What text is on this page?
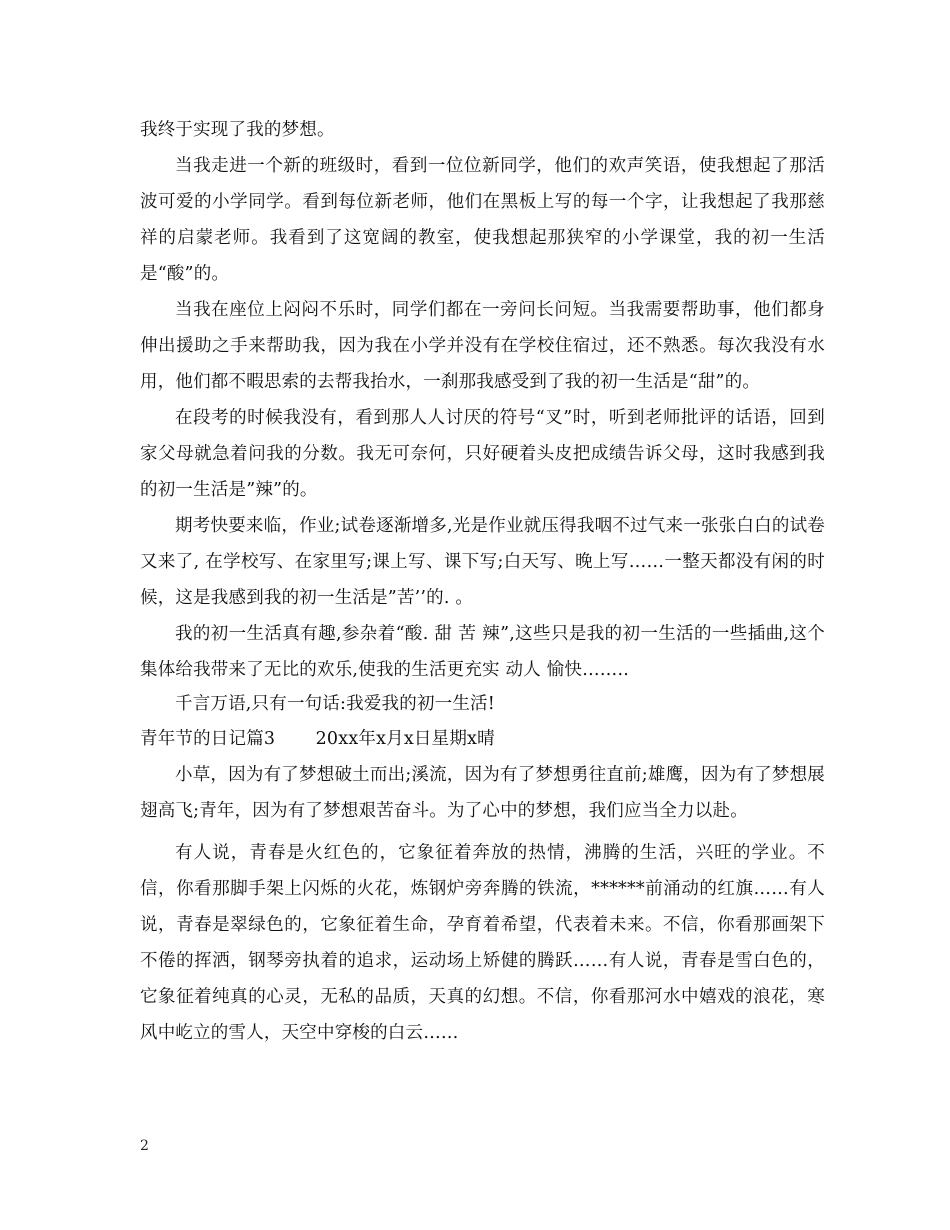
我终于实现了我的梦想。

当我走进一个新的班级时，看到一位位新同学，他们的欢声笑语，使我想起了那活波可爱的小学同学。看到每位新老师，他们在黑板上写的每一个字，让我想起了我那慈祥的启蒙老师。我看到了这宽阔的教室，使我想起那狭窄的小学课堂，我的初一生活是“酸”的。

当我在座位上闷闷不乐时，同学们都在一旁问长问短。当我需要帮助事，他们都身伸出援助之手来帮助我，因为我在小学并没有在学校住宿过，还不熟悉。每次我没有水用，他们都不暇思索的去帮我抬水，一刹那我感受到了我的初一生活是“甜”的。

在段考的时候我没有，看到那人人讨厌的符号“叉”时，听到老师批评的话语，回到家父母就急着问我的分数。我无可奈何，只好硬着头皮把成绩告诉父母，这时我感到我的初一生活是”辣”的。

期考快要来临，作业;试卷逐渐增多,光是作业就压得我咽不过气来一张张白白的试卷又来了, 在学校写、在家里写;课上写、课下写;白天写、晚上写……一整天都没有闲的时候，这是我感到我的初一生活是”苦’’的. 。

我的初一生活真有趣,参杂着“酸. 甜 苦 辣”,这些只是我的初一生活的一些插曲,这个集体给我带来了无比的欢乐,使我的生活更充实 动人 愉快……..

千言万语,只有一句话:我爱我的初一生活!

青年节的日记篇3 20xx年x月x日星期x晴

小草，因为有了梦想破土而出;溪流，因为有了梦想勇往直前;雄鹰，因为有了梦想展翅高飞;青年，因为有了梦想艰苦奋斗。为了心中的梦想，我们应当全力以赴。

有人说，青春是火红色的，它象征着奔放的热情，沸腾的生活，兴旺的学业。不信，你看那脚手架上闪烁的火花，炼钢炉旁奔腾的铁流，******前涌动的红旗……有人说，青春是翠绿色的，它象征着生命，孕育着希望，代表着未来。不信，你看那画架下不倦的挥洒，钢琴旁执着的追求，运动场上矫健的腾跃……有人说，青春是雪白色的，它象征着纯真的心灵，无私的品质，天真的幻想。不信，你看那河水中嬉戏的浪花，寒风中屹立的雪人，天空中穿梭的白云……

2
